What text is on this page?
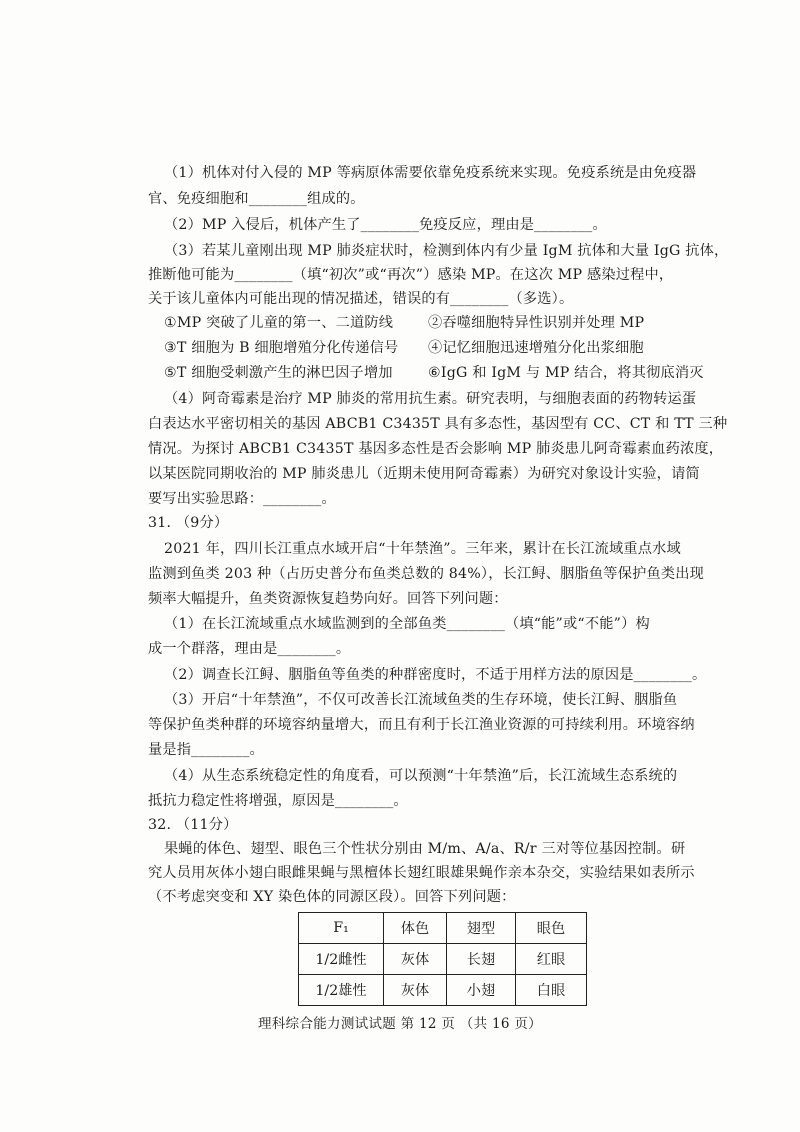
（1）机体对付入侵的 MP 等病原体需要依靠免疫系统来实现。免疫系统是由免疫器
官、免疫细胞和________组成的。
（2）MP 入侵后，机体产生了________免疫反应，理由是________。
（3）若某儿童刚出现 MP 肺炎症状时，检测到体内有少量 IgM 抗体和大量 IgG 抗体，
推断他可能为________（填“初次”或“再次”）感染 MP。在这次 MP 感染过程中，
关于该儿童体内可能出现的情况描述，错误的有________（多选）。
①MP 突破了儿童的第一、二道防线	②吞噬细胞特异性识别并处理 MP
③T 细胞为 B 细胞增殖分化传递信号	④记忆细胞迅速增殖分化出浆细胞
⑤T 细胞受刺激产生的淋巴因子增加	⑥IgG 和 IgM 与 MP 结合，将其彻底消灭
（4）阿奇霉素是治疗 MP 肺炎的常用抗生素。研究表明，与细胞表面的药物转运蛋
白表达水平密切相关的基因 ABCB1 C3435T 具有多态性，基因型有 CC、CT 和 TT 三种
情况。为探讨 ABCB1 C3435T 基因多态性是否会影响 MP 肺炎患儿阿奇霉素血药浓度，
以某医院同期收治的 MP 肺炎患儿（近期未使用阿奇霉素）为研究对象设计实验，请简
要写出实验思路：________。
31. （9分）
2021 年，四川长江重点水域开启“十年禁渔”。三年来，累计在长江流域重点水域
监测到鱼类 203 种（占历史普分布鱼类总数的 84%），长江鲟、胭脂鱼等保护鱼类出现
频率大幅提升，鱼类资源恢复趋势向好。回答下列问题：
（1）在长江流域重点水域监测到的全部鱼类________（填“能”或“不能”）构
成一个群落，理由是________。
（2）调查长江鲟、胭脂鱼等鱼类的种群密度时，不适于用样方法的原因是________。
（3）开启“十年禁渔”，不仅可改善长江流域鱼类的生存环境，使长江鲟、胭脂鱼
等保护鱼类种群的环境容纳量增大，而且有利于长江渔业资源的可持续利用。环境容纳
量是指________。
（4）从生态系统稳定性的角度看，可以预测“十年禁渔”后，长江流域生态系统的
抵抗力稳定性将增强，原因是________。
32. （11分）
果蝇的体色、翅型、眼色三个性状分别由 M/m、A/a、R/r 三对等位基因控制。研
究人员用灰体小翅白眼雌果蝇与黑檀体长翅红眼雄果蝇作亲本杂交，实验结果如表所示
（不考虑突变和 XY 染色体的同源区段）。回答下列问题：
F₁	体色	翅型	眼色
1/2雌性	灰体	长翅	红眼
1/2雄性	灰体	小翅	白眼
理科综合能力测试试题 第 12 页 （共 16 页）
